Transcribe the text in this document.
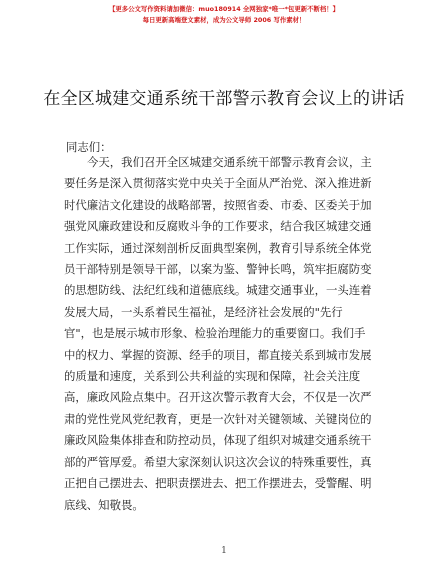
【更多公文写作资料请加微信：muo180914 全网独家*唯一*包更新不断档！】
每日更新高端登文素材，成为公文导师 2006 写作素材！
在全区城建交通系统干部警示教育会议上的讲话
同志们：

今天，我们召开全区城建交通系统干部警示教育会议，主
要任务是深入贯彻落实党中央关于全面从严治党、深入推进新
时代廉洁文化建设的战略部署，按照省委、市委、区委关于加
强党风廉政建设和反腐败斗争的工作要求，结合我区城建交通
工作实际，通过深刻剖析反面典型案例，教育引导系统全体党
员干部特别是领导干部，以案为鉴、警钟长鸣，筑牢拒腐防变
的思想防线、法纪红线和道德底线。城建交通事业，一头连着
发展大局，一头系着民生福祉，是经济社会发展的"先行
官"，也是展示城市形象、检验治理能力的重要窗口。我们手
中的权力、掌握的资源、经手的项目，都直接关系到城市发展
的质量和速度，关系到公共利益的实现和保障，社会关注度
高，廉政风险点集中。召开这次警示教育大会，不仅是一次严
肃的党性党风党纪教育，更是一次针对关键领域、关键岗位的
廉政风险集体排查和防控动员，体现了组织对城建交通系统干
部的严管厚爱。希望大家深刻认识这次会议的特殊重要性，真
正把自己摆进去、把职责摆进去、把工作摆进去，受警醒、明
底线、知敬畏。

1
